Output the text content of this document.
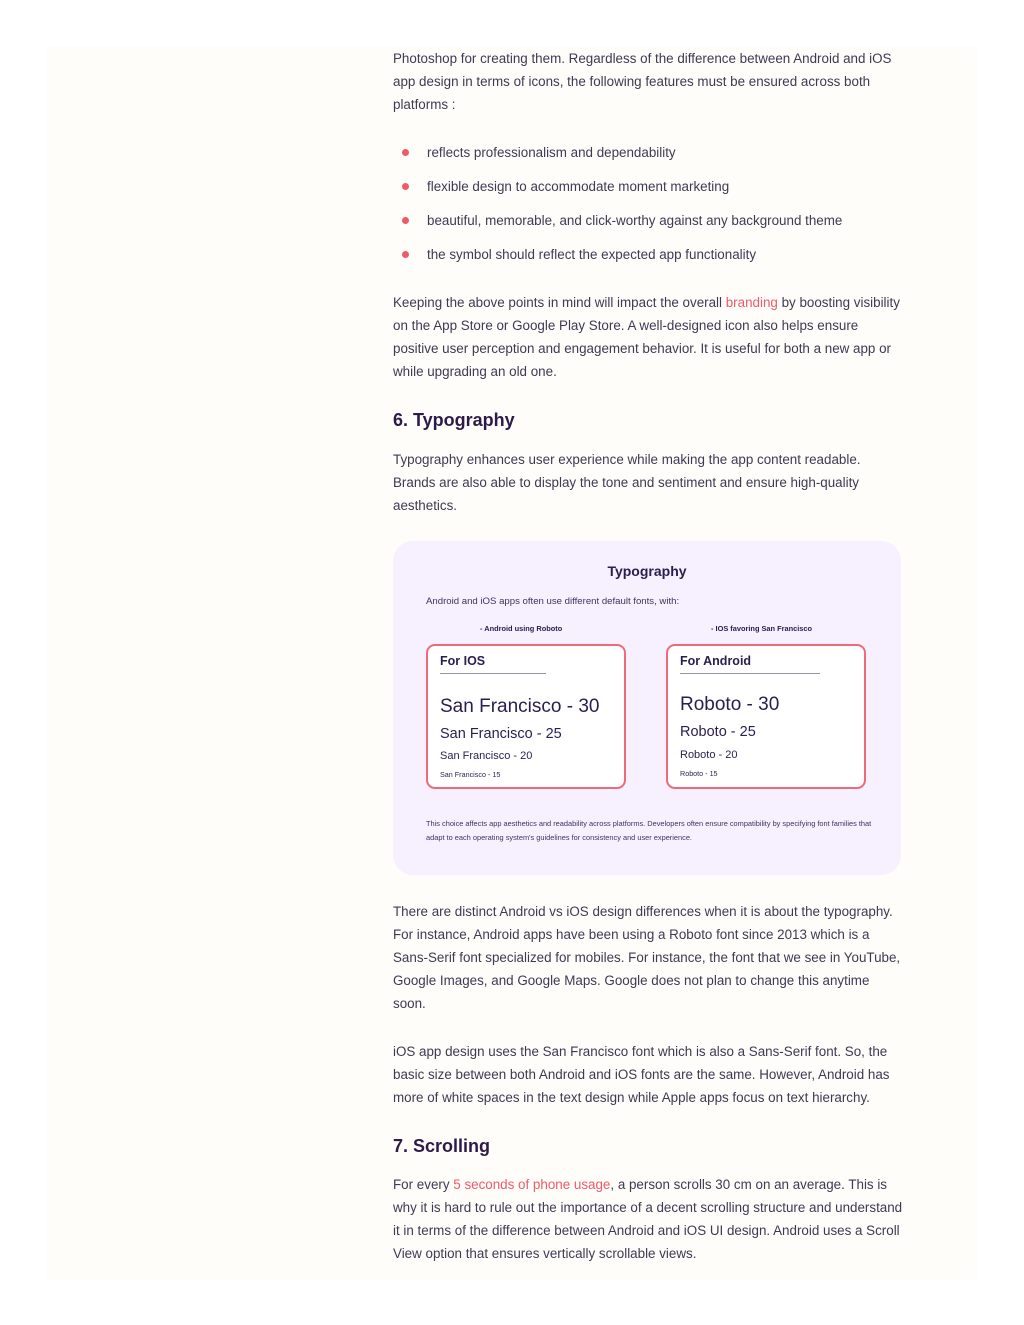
Photoshop for creating them. Regardless of the difference between Android and iOS app design in terms of icons, the following features must be ensured across both platforms :

reflects professionalism and dependability
flexible design to accommodate moment marketing
beautiful, memorable, and click-worthy against any background theme
the symbol should reflect the expected app functionality

Keeping the above points in mind will impact the overall branding by boosting visibility on the App Store or Google Play Store. A well-designed icon also helps ensure positive user perception and engagement behavior. It is useful for both a new app or while upgrading an old one.

6. Typography

Typography enhances user experience while making the app content readable. Brands are also able to display the tone and sentiment and ensure high-quality aesthetics.

Typography
Android and iOS apps often use different default fonts, with:
- Android using Roboto	- IOS favoring San Francisco
For IOS
San Francisco - 30
San Francisco - 25
San Francisco - 20
San Francisco - 15
For Android
Roboto - 30
Roboto - 25
Roboto - 20
Roboto - 15
This choice affects app aesthetics and readability across platforms. Developers often ensure compatibility by specifying font families that adapt to each operating system's guidelines for consistency and user experience.

There are distinct Android vs iOS design differences when it is about the typography. For instance, Android apps have been using a Roboto font since 2013 which is a Sans-Serif font specialized for mobiles. For instance, the font that we see in YouTube, Google Images, and Google Maps. Google does not plan to change this anytime soon.

iOS app design uses the San Francisco font which is also a Sans-Serif font. So, the basic size between both Android and iOS fonts are the same. However, Android has more of white spaces in the text design while Apple apps focus on text hierarchy.

7. Scrolling

For every 5 seconds of phone usage, a person scrolls 30 cm on an average. This is why it is hard to rule out the importance of a decent scrolling structure and understand it in terms of the difference between Android and iOS UI design. Android uses a Scroll View option that ensures vertically scrollable views.
